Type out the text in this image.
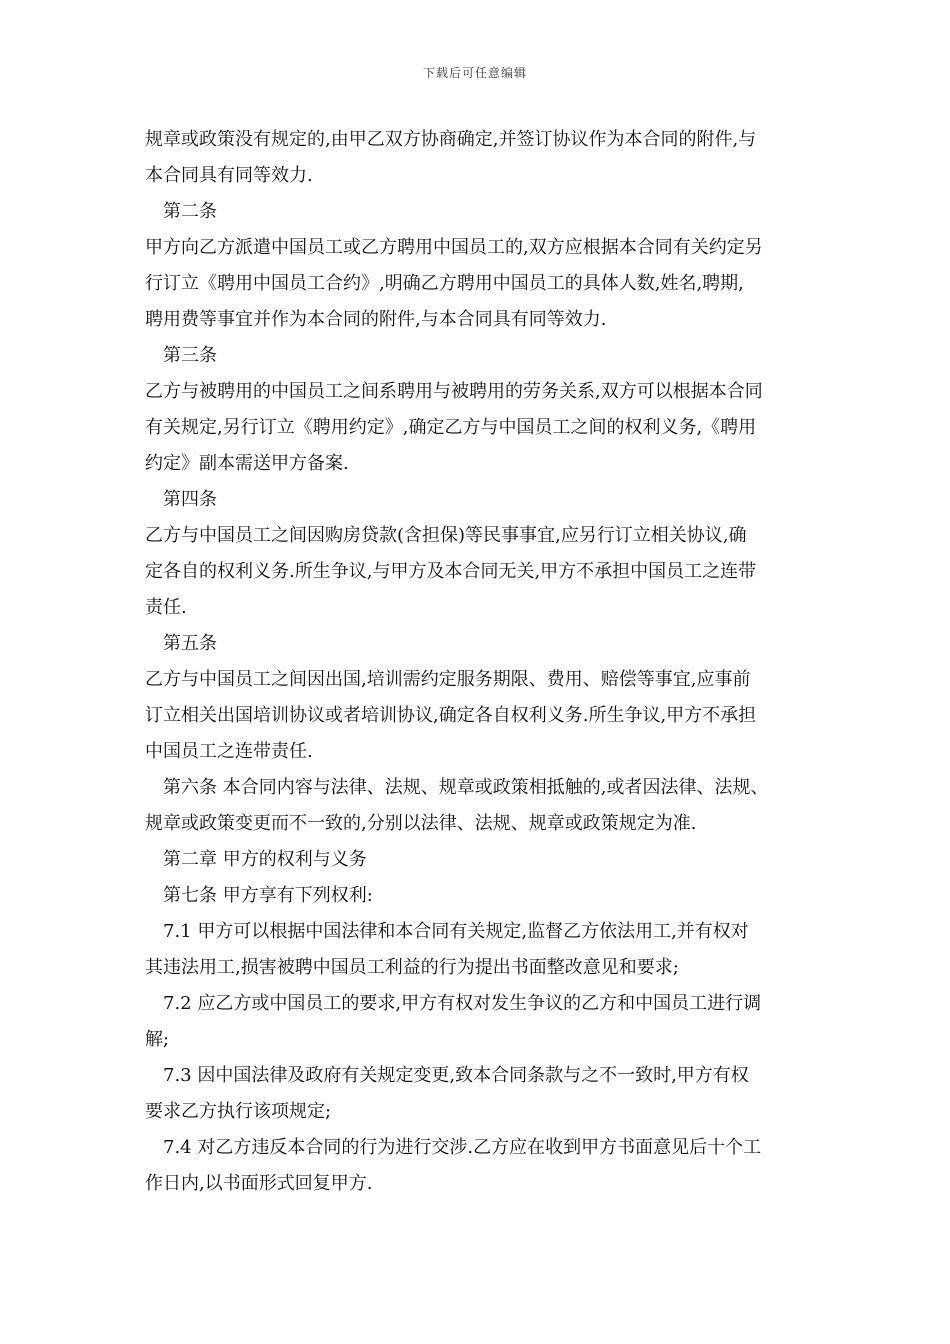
下载后可任意编辑
规章或政策没有规定的,由甲乙双方协商确定,并签订协议作为本合同的附件,与
本合同具有同等效力.
第二条
甲方向乙方派遣中国员工或乙方聘用中国员工的,双方应根据本合同有关约定另
行订立《聘用中国员工合约》,明确乙方聘用中国员工的具体人数,姓名,聘期,
聘用费等事宜并作为本合同的附件,与本合同具有同等效力.
第三条
乙方与被聘用的中国员工之间系聘用与被聘用的劳务关系,双方可以根据本合同
有关规定,另行订立《聘用约定》,确定乙方与中国员工之间的权利义务,《聘用
约定》副本需送甲方备案.
第四条
乙方与中国员工之间因购房贷款(含担保)等民事事宜,应另行订立相关协议,确
定各自的权利义务.所生争议,与甲方及本合同无关,甲方不承担中国员工之连带
责任.
第五条
乙方与中国员工之间因出国,培训需约定服务期限、费用、赔偿等事宜,应事前
订立相关出国培训协议或者培训协议,确定各自权利义务.所生争议,甲方不承担
中国员工之连带责任.
第六条 本合同内容与法律、法规、规章或政策相抵触的,或者因法律、法规、
规章或政策变更而不一致的,分别以法律、法规、规章或政策规定为准.
第二章 甲方的权利与义务
第七条 甲方享有下列权利:
7.1 甲方可以根据中国法律和本合同有关规定,监督乙方依法用工,并有权对
其违法用工,损害被聘中国员工利益的行为提出书面整改意见和要求;
7.2 应乙方或中国员工的要求,甲方有权对发生争议的乙方和中国员工进行调
解;
7.3 因中国法律及政府有关规定变更,致本合同条款与之不一致时,甲方有权
要求乙方执行该项规定;
7.4 对乙方违反本合同的行为进行交涉.乙方应在收到甲方书面意见后十个工
作日内,以书面形式回复甲方.
